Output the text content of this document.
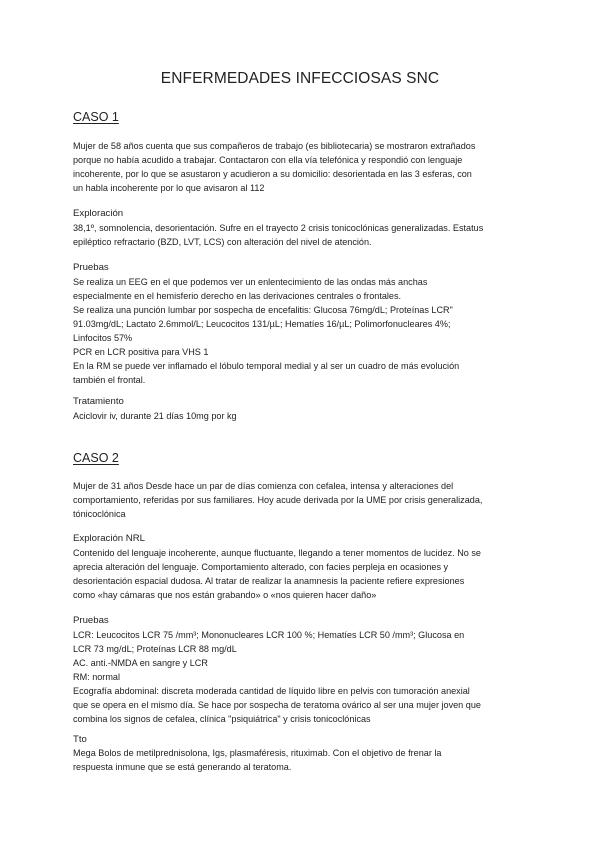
ENFERMEDADES INFECCIOSAS SNC
CASO 1
Mujer de 58 años cuenta que sus compañeros de trabajo (es bibliotecaria) se mostraron extrañados
porque no había acudido a trabajar. Contactaron con ella vía telefónica y respondió con lenguaje
incoherente, por lo que se asustaron y acudieron a su domicilio: desorientada en las 3 esferas, con
un habla incoherente por lo que avisaron al 112
Exploración
38,1º, somnolencia, desorientación. Sufre en el trayecto 2 crisis tonicoclónicas generalizadas. Estatus
epiléptico refractario (BZD, LVT, LCS) con alteración del nivel de atención.
Pruebas
Se realiza un EEG en el que podemos ver un enlentecimiento de las ondas más anchas
especialmente en el hemisferio derecho en las derivaciones centrales o frontales.
Se realiza una punción lumbar por sospecha de encefalitis: Glucosa 76mg/dL; Proteínas LCR"
91.03mg/dL; Lactato 2.6mmol/L; Leucocitos 131/µL; Hematíes 16/µL; Polimorfonucleares 4%;
Linfocitos 57%
PCR en LCR positiva para VHS 1
En la RM se puede ver inflamado el lóbulo temporal medial y al ser un cuadro de más evolución
también el frontal.
Tratamiento
Aciclovir iv, durante 21 días 10mg por kg
CASO 2
Mujer de 31 años Desde hace un par de días comienza con cefalea, intensa y alteraciones del
comportamiento, referidas por sus familiares. Hoy acude derivada por la UME por crisis generalizada,
tónicoclónica
Exploración NRL
Contenido del lenguaje incoherente, aunque fluctuante, llegando a tener momentos de lucidez. No se
aprecia alteración del lenguaje. Comportamiento alterado, con facies perpleja en ocasiones y
desorientación espacial dudosa. Al tratar de realizar la anamnesis la paciente refiere expresiones
como «hay cámaras que nos están grabando» o «nos quieren hacer daño»
Pruebas
LCR: Leucocitos LCR 75 /mm³; Mononucleares LCR 100 %; Hematíes LCR 50 /mm³; Glucosa en
LCR 73 mg/dL; Proteínas LCR 88 mg/dL
AC. anti.-NMDA en sangre y LCR
RM: normal
Ecografía abdominal: discreta moderada cantidad de líquido libre en pelvis con tumoración anexial
que se opera en el mismo día. Se hace por sospecha de teratoma ovárico al ser una mujer joven que
combina los signos de cefalea, clínica "psiquiátrica" y crisis tonicoclónicas
Tto
Mega Bolos de metilprednisolona, Igs, plasmaféresis, rituximab. Con el objetivo de frenar la
respuesta inmune que se está generando al teratoma.
